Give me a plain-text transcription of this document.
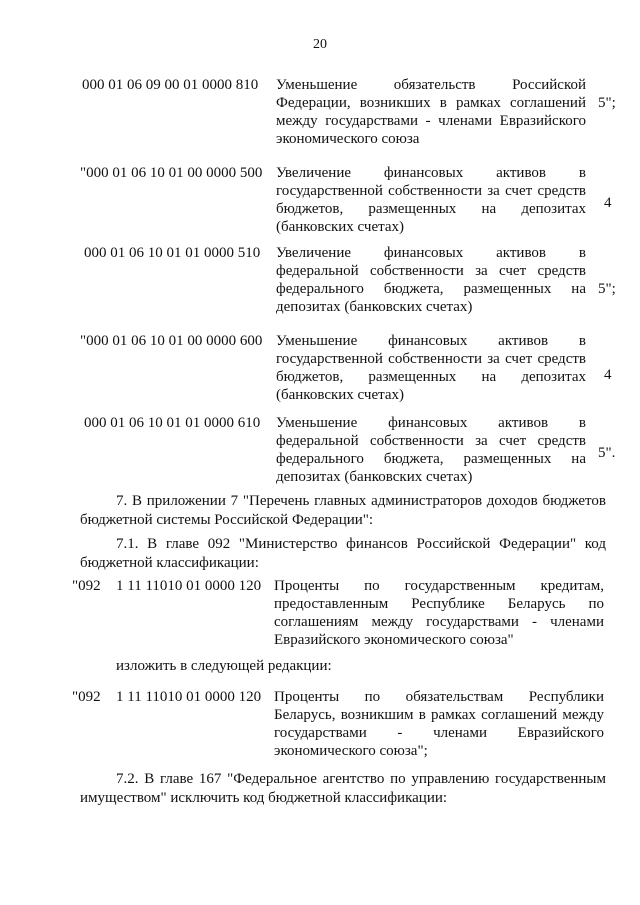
20
000 01 06 09 00 01 0000 810 Уменьшение обязательств Российской
Федерации, возникших в рамках соглашений
между государствами - членами Евразийского
экономического союза
5";
"000 01 06 10 01 00 0000 500 Увеличение финансовых активов в
государственной собственности за счет средств
бюджетов, размещенных на депозитах
(банковских счетах)
4
000 01 06 10 01 01 0000 510 Увеличение финансовых активов в
федеральной собственности за счет средств
федерального бюджета, размещенных на
депозитах (банковских счетах)
5";
"000 01 06 10 01 00 0000 600 Уменьшение финансовых активов в
государственной собственности за счет средств
бюджетов, размещенных на депозитах
(банковских счетах)
4
000 01 06 10 01 01 0000 610 Уменьшение финансовых активов в
федеральной собственности за счет средств
федерального бюджета, размещенных на
депозитах (банковских счетах)
5".
7. В приложении 7 "Перечень главных администраторов доходов бюджетов
бюджетной системы Российской Федерации":
7.1. В главе 092 "Министерство финансов Российской Федерации" код
бюджетной классификации:
"092 1 11 11010 01 0000 120 Проценты по государственным кредитам,
предоставленным Республике Беларусь по
соглашениям между государствами - членами
Евразийского экономического союза"
изложить в следующей редакции:
"092 1 11 11010 01 0000 120 Проценты по обязательствам Республики
Беларусь, возникшим в рамках соглашений между
государствами - членами Евразийского
экономического союза";
7.2. В главе 167 "Федеральное агентство по управлению государственным
имуществом" исключить код бюджетной классификации:
